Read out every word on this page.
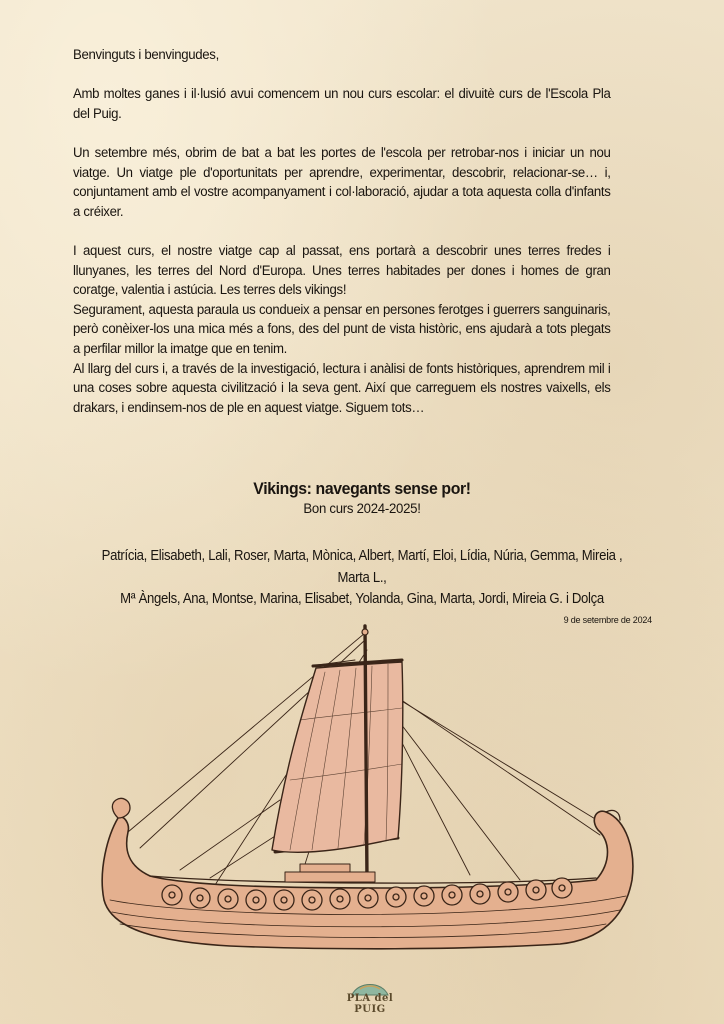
Benvinguts i benvingudes,

Amb moltes ganes i il·lusió avui comencem un nou curs escolar: el divuitè curs de l'Escola Pla del Puig.

Un setembre més, obrim de bat a bat les portes de l'escola per retrobar-nos i iniciar un nou viatge. Un viatge ple d'oportunitats per aprendre, experimentar, descobrir, relacionar-se… i, conjuntament amb el vostre acompanyament i col·laboració, ajudar a tota aquesta colla d'infants a créixer.

I aquest curs, el nostre viatge cap al passat, ens portarà a descobrir unes terres fredes i llunyanes, les terres del Nord d'Europa. Unes terres habitades per dones i homes de gran coratge, valentia i astúcia. Les terres dels vikings!

Segurament, aquesta paraula us condueix a pensar en persones ferotges i guerrers sanguinaris, però conèixer-los una mica més a fons, des del punt de vista històric, ens ajudarà a tots plegats a perfilar millor la imatge que en tenim.

Al llarg del curs i, a través de la investigació, lectura i anàlisi de fonts històriques, aprendrem mil i una coses sobre aquesta civilització i la seva gent. Així que carreguem els nostres vaixells, els drakars, i endinsem-nos de ple en aquest viatge. Siguem tots…

Vikings: navegants sense por!
Bon curs 2024-2025!
Patrícia, Elisabeth, Lali, Roser, Marta, Mònica, Albert, Martí, Eloi, Lídia, Núria, Gemma, Mireia , Marta L.,
Mª Àngels, Ana, Montse, Marina, Elisabet, Yolanda, Gina, Marta, Jordi, Mireia G. i Dolça
9 de setembre de 2024
PLA del PUIG
